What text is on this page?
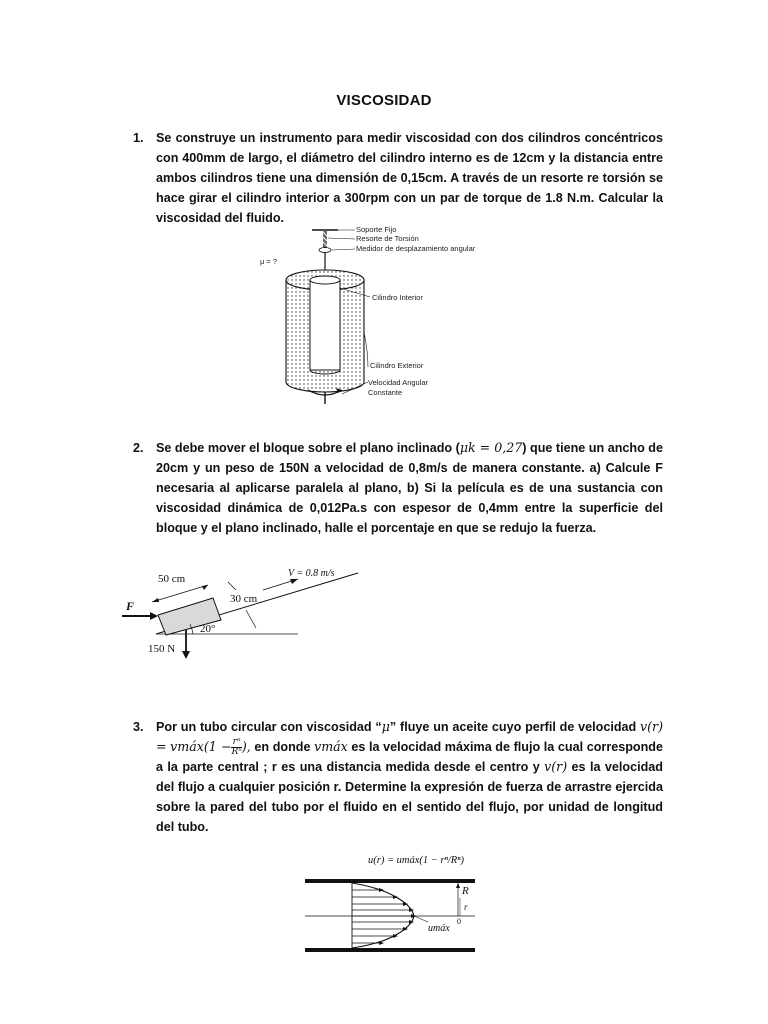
VISCOSIDAD
1. Se construye un instrumento para medir viscosidad con dos cilindros concéntricos con 400mm de largo, el diámetro del cilindro interno es de 12cm y la distancia entre ambos cilindros tiene una dimensión de 0,15cm. A través de un resorte re torsión se hace girar el cilindro interior a 300rpm con un par de torque de 1.8 N.m. Calcular la viscosidad del fluido.
μ = ?
Soporte Fijo
Resorte de Torsión
Medidor de desplazamiento angular
Cilindro Interior
Cilindro Exterior
Velocidad Angular
Constante
2. Se debe mover el bloque sobre el plano inclinado (μk = 0,27) que tiene un ancho de 20cm y un peso de 150N a velocidad de 0,8m/s de manera constante. a) Calcule F necesaria al aplicarse paralela al plano, b) Si la película es de una sustancia con viscosidad dinámica de 0,012Pa.s con espesor de 0,4mm entre la superficie del bloque y el plano inclinado, halle el porcentaje en que se redujo la fuerza.
50 cm
30 cm
V = 0.8 m/s
F
20°
150 N
3. Por un tubo circular con viscosidad “μ” fluye un aceite cuyo perfil de velocidad v(r) = vmáx(1 − $\frac{\text{rⁿ}}{\text{Rⁿ}}$ ), en donde vmáx es la velocidad máxima de flujo la cual corresponde a la parte central ; r es una distancia medida desde el centro y v(r) es la velocidad del flujo a cualquier posición r. Determine la expresión de fuerza de arrastre ejercida sobre la pared del tubo por el fluido en el sentido del flujo, por unidad de longitud del tubo.
u(r) = umáx(1 − rⁿ/Rⁿ)
R
r
0
umáx
